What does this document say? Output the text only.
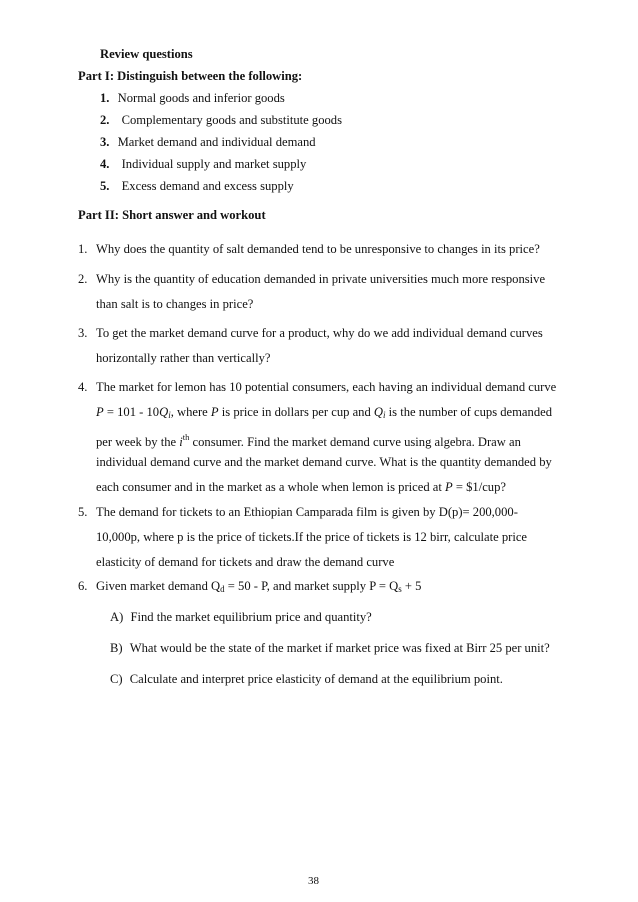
Review questions
Part I: Distinguish between the following:
1. Normal goods and inferior goods
2. Complementary goods and substitute goods
3. Market demand and individual demand
4. Individual supply and market supply
5. Excess demand and excess supply
Part II: Short answer and workout
1. Why does the quantity of salt demanded tend to be unresponsive to changes in its price?
2. Why is the quantity of education demanded in private universities much more responsive
than salt is to changes in price?
3. To get the market demand curve for a product, why do we add individual demand curves
horizontally rather than vertically?
4. The market for lemon has 10 potential consumers, each having an individual demand curve
$P = 101 - 10Q_i$, where P is price in dollars per cup and $Q_i$ is the number of cups demanded
per week by the $i^{th}$ consumer. Find the market demand curve using algebra. Draw an
individual demand curve and the market demand curve. What is the quantity demanded by
each consumer and in the market as a whole when lemon is priced at P = $1/cup?
5. The demand for tickets to an Ethiopian Camparada film is given by D(p)= 200,000-
10,000p, where p is the price of tickets.If the price of tickets is 12 birr, calculate price
elasticity of demand for tickets and draw the demand curve
6. Given market demand $Q_d = 50 - P$, and market supply $P = Q_s + 5$
A) Find the market equilibrium price and quantity?
B) What would be the state of the market if market price was fixed at Birr 25 per unit?
C) Calculate and interpret price elasticity of demand at the equilibrium point.
38
